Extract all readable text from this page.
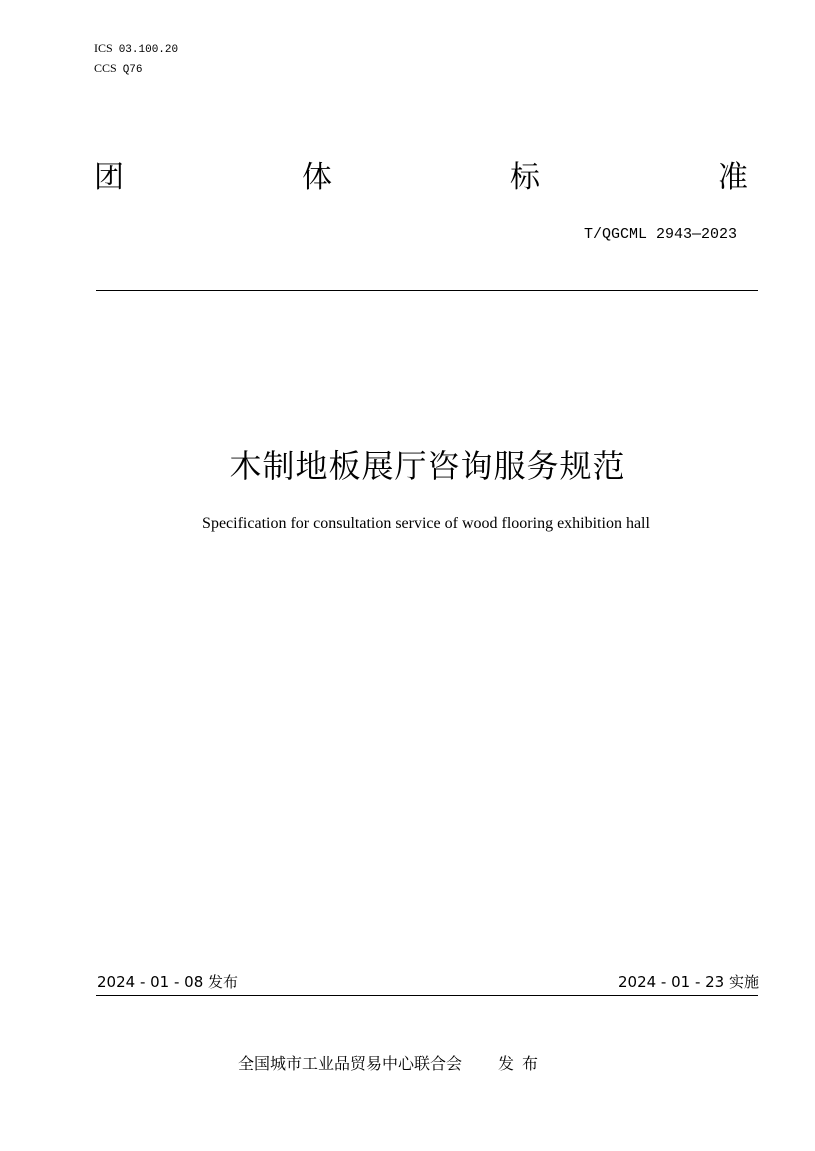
ICS 03.100.20
CCS Q76
团	体	标	准
T/QGCML 2943—2023
木制地板展厅咨询服务规范
Specification for consultation service of wood flooring exhibition hall
2024 - 01 - 08 发布	2024 - 01 - 23 实施
全国城市工业品贸易中心联合会 发布
